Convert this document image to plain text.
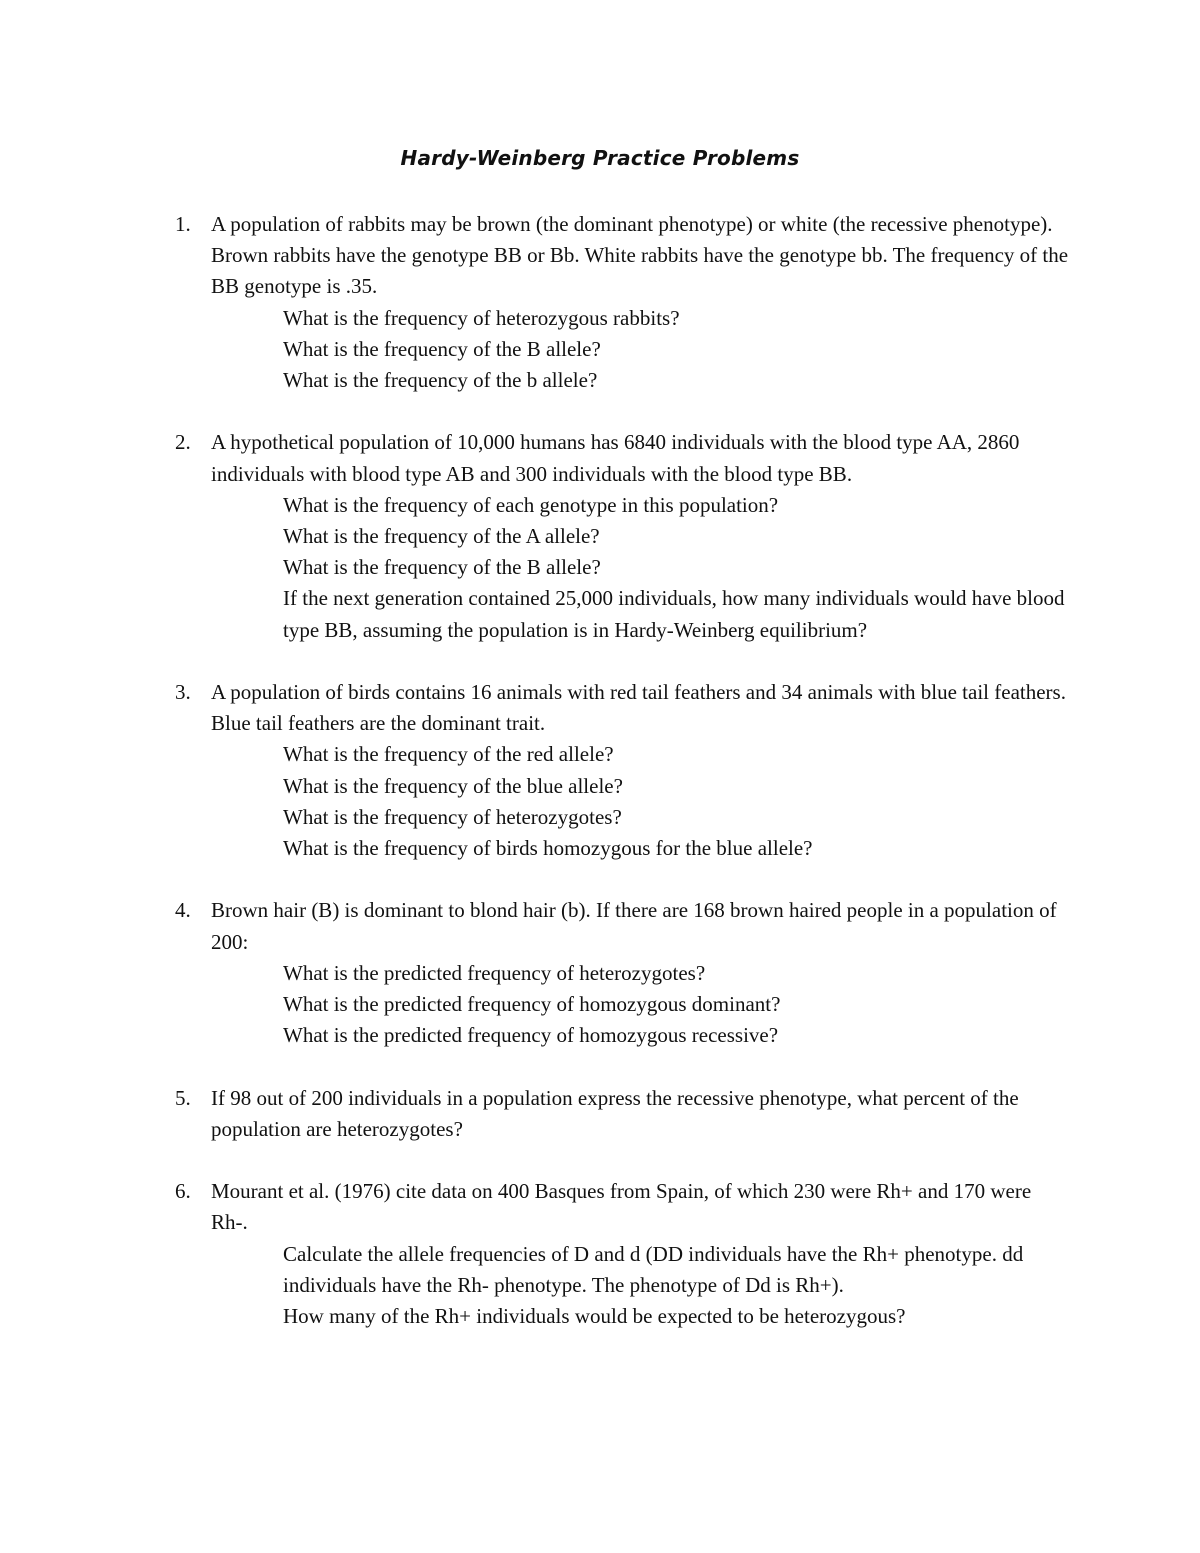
Hardy-Weinberg Practice Problems
1. A population of rabbits may be brown (the dominant phenotype) or white (the recessive phenotype). Brown rabbits have the genotype BB or Bb. White rabbits have the genotype bb. The frequency of the BB genotype is .35.
What is the frequency of heterozygous rabbits?
What is the frequency of the B allele?
What is the frequency of the b allele?
2. A hypothetical population of 10,000 humans has 6840 individuals with the blood type AA, 2860 individuals with blood type AB and 300 individuals with the blood type BB.
What is the frequency of each genotype in this population?
What is the frequency of the A allele?
What is the frequency of the B allele?
If the next generation contained 25,000 individuals, how many individuals would have blood type BB, assuming the population is in Hardy-Weinberg equilibrium?
3. A population of birds contains 16 animals with red tail feathers and 34 animals with blue tail feathers. Blue tail feathers are the dominant trait.
What is the frequency of the red allele?
What is the frequency of the blue allele?
What is the frequency of heterozygotes?
What is the frequency of birds homozygous for the blue allele?
4. Brown hair (B) is dominant to blond hair (b). If there are 168 brown haired people in a population of 200:
What is the predicted frequency of heterozygotes?
What is the predicted frequency of homozygous dominant?
What is the predicted frequency of homozygous recessive?
5. If 98 out of 200 individuals in a population express the recessive phenotype, what percent of the population are heterozygotes?
6. Mourant et al. (1976) cite data on 400 Basques from Spain, of which 230 were Rh+ and 170 were Rh-.
Calculate the allele frequencies of D and d (DD individuals have the Rh+ phenotype. dd individuals have the Rh- phenotype. The phenotype of Dd is Rh+).
How many of the Rh+ individuals would be expected to be heterozygous?
